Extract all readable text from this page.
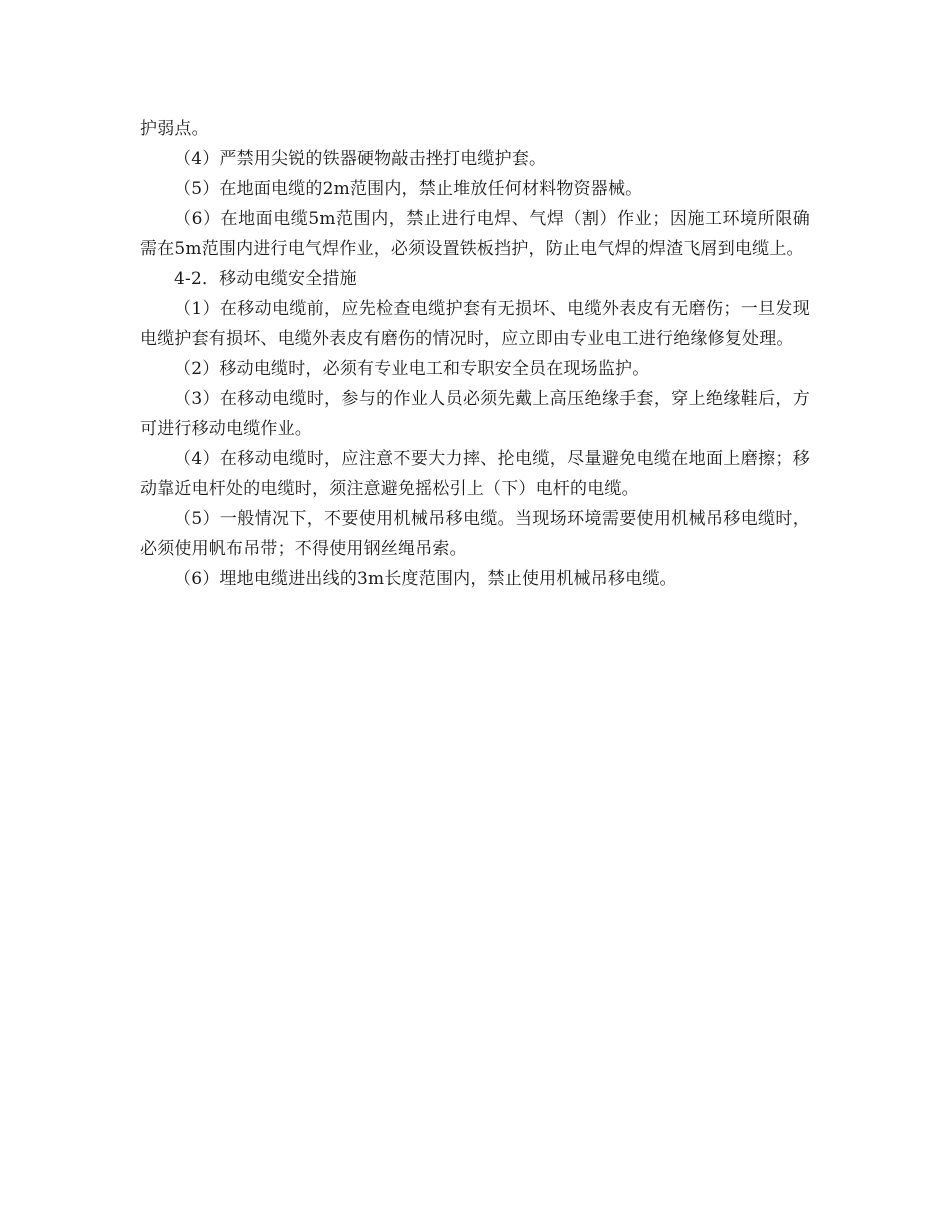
护弱点。

（4）严禁用尖锐的铁器硬物敲击挫打电缆护套。

（5）在地面电缆的2m范围内，禁止堆放任何材料物资器械。

（6）在地面电缆5m范围内，禁止进行电焊、气焊（割）作业；因施工环境所限确需在5m范围内进行电气焊作业，必须设置铁板挡护，防止电气焊的焊渣飞屑到电缆上。

4-2．移动电缆安全措施

（1）在移动电缆前，应先检查电缆护套有无损坏、电缆外表皮有无磨伤；一旦发现电缆护套有损坏、电缆外表皮有磨伤的情况时，应立即由专业电工进行绝缘修复处理。

（2）移动电缆时，必须有专业电工和专职安全员在现场监护。

（3）在移动电缆时，参与的作业人员必须先戴上高压绝缘手套，穿上绝缘鞋后，方可进行移动电缆作业。

（4）在移动电缆时，应注意不要大力摔、抡电缆，尽量避免电缆在地面上磨擦；移动靠近电杆处的电缆时，须注意避免摇松引上（下）电杆的电缆。

（5）一般情况下，不要使用机械吊移电缆。当现场环境需要使用机械吊移电缆时，必须使用帆布吊带；不得使用钢丝绳吊索。

（6）埋地电缆进出线的3m长度范围内，禁止使用机械吊移电缆。
